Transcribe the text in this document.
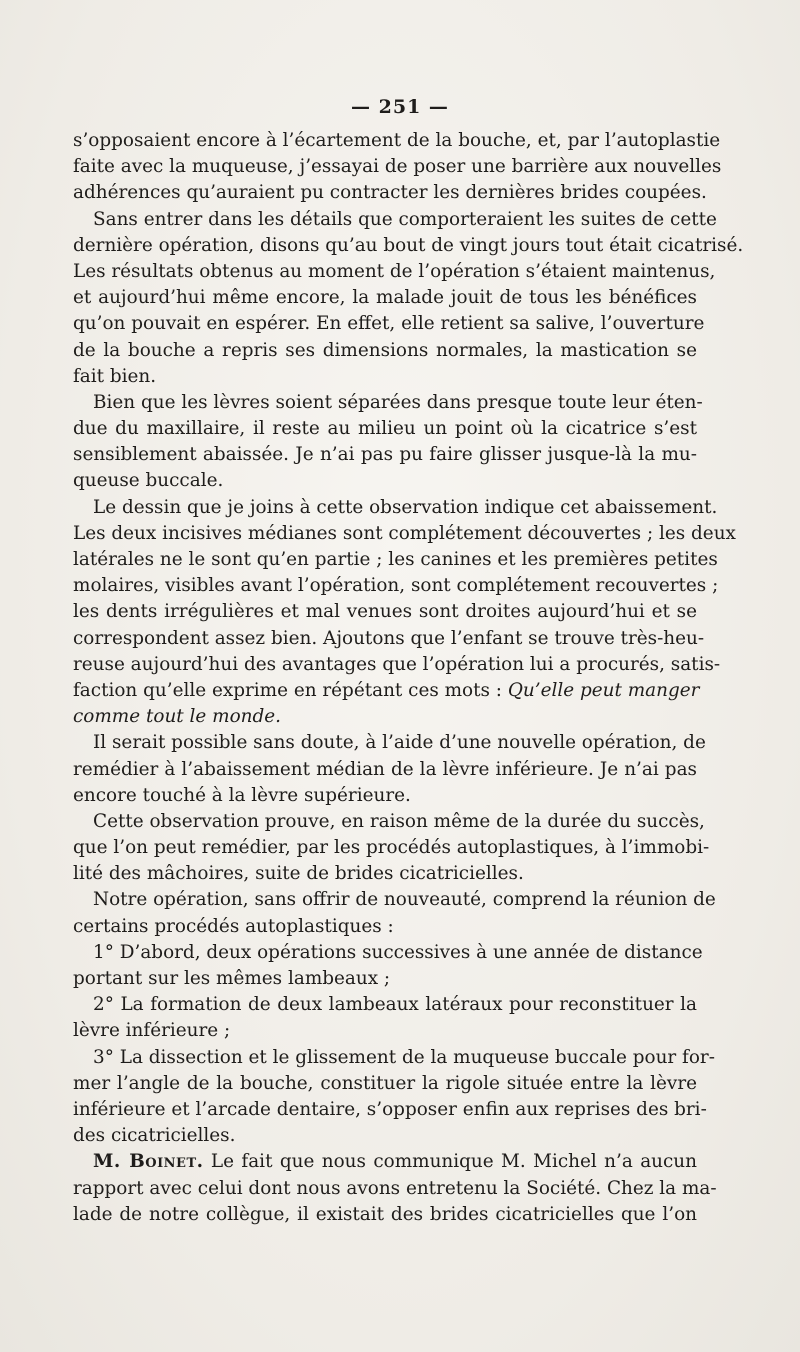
— 251 —
s’opposaient encore à l’écartement de la bouche, et, par l’autoplastie
faite avec la muqueuse, j’essayai de poser une barrière aux nouvelles
adhérences qu’auraient pu contracter les dernières brides coupées.
Sans entrer dans les détails que comporteraient les suites de cette
dernière opération, disons qu’au bout de vingt jours tout était cicatrisé.
Les résultats obtenus au moment de l’opération s’étaient maintenus,
et aujourd’hui même encore, la malade jouit de tous les bénéfices
qu’on pouvait en espérer. En effet, elle retient sa salive, l’ouverture
de la bouche a repris ses dimensions normales, la mastication se
fait bien.
Bien que les lèvres soient séparées dans presque toute leur éten-
due du maxillaire, il reste au milieu un point où la cicatrice s’est
sensiblement abaissée. Je n’ai pas pu faire glisser jusque-là la mu-
queuse buccale.
Le dessin que je joins à cette observation indique cet abaissement.
Les deux incisives médianes sont complétement découvertes ; les deux
latérales ne le sont qu’en partie ; les canines et les premières petites
molaires, visibles avant l’opération, sont complétement recouvertes ;
les dents irrégulières et mal venues sont droites aujourd’hui et se
correspondent assez bien. Ajoutons que l’enfant se trouve très-heu-
reuse aujourd’hui des avantages que l’opération lui a procurés, satis-
faction qu’elle exprime en répétant ces mots : Qu’elle peut manger
comme tout le monde.
Il serait possible sans doute, à l’aide d’une nouvelle opération, de
remédier à l’abaissement médian de la lèvre inférieure. Je n’ai pas
encore touché à la lèvre supérieure.
Cette observation prouve, en raison même de la durée du succès,
que l’on peut remédier, par les procédés autoplastiques, à l’immobi-
lité des mâchoires, suite de brides cicatricielles.
Notre opération, sans offrir de nouveauté, comprend la réunion de
certains procédés autoplastiques :
1° D’abord, deux opérations successives à une année de distance
portant sur les mêmes lambeaux ;
2° La formation de deux lambeaux latéraux pour reconstituer la
lèvre inférieure ;
3° La dissection et le glissement de la muqueuse buccale pour for-
mer l’angle de la bouche, constituer la rigole située entre la lèvre
inférieure et l’arcade dentaire, s’opposer enfin aux reprises des bri-
des cicatricielles.
M. Boinet. Le fait que nous communique M. Michel n’a aucun
rapport avec celui dont nous avons entretenu la Société. Chez la ma-
lade de notre collègue, il existait des brides cicatricielles que l’on
